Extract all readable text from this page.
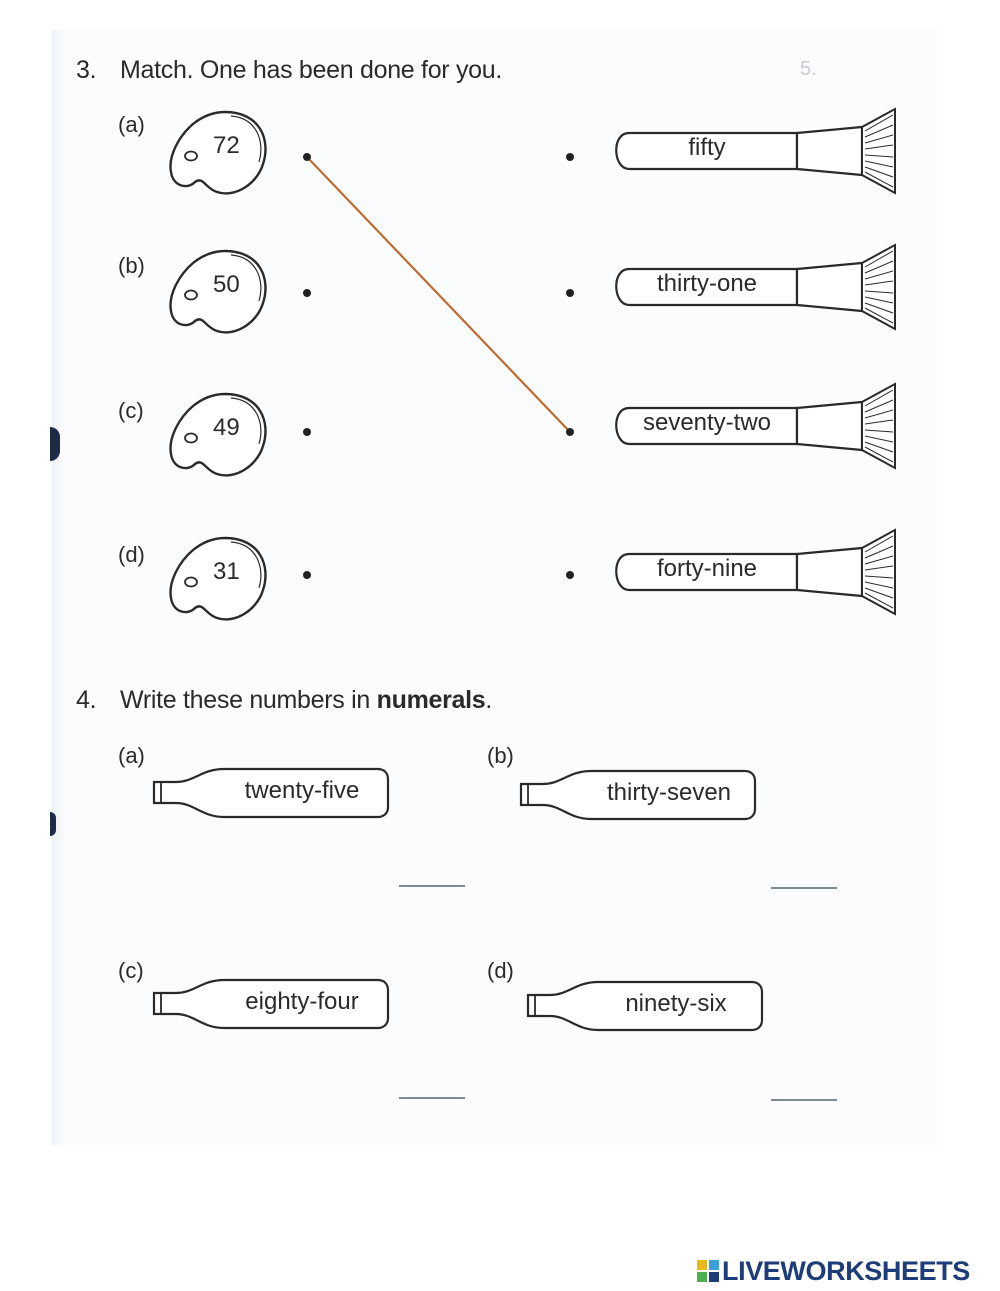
5.
3. Match. One has been done for you.
(a)
(b)
(c)
(d)
72
50
49
31
fifty
thirty-one
seventy-two
forty-nine
4. Write these numbers in numerals.
(a)	(b)
(c)	(d)
twenty-five	thirty-seven
eighty-four	ninety-six
LIVEWORKSHEETS
